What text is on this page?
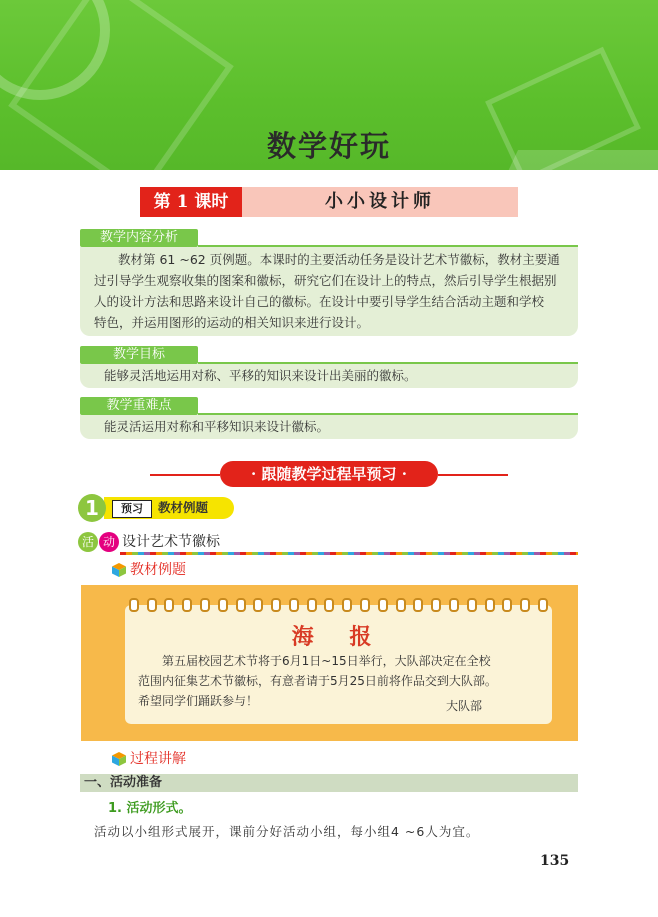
数学好玩
第 1 课时	小小设计师
教学内容分析

教材第 61 ~62 页例题。本课时的主要活动任务是设计艺术节徽标，教材主要通

过引导学生观察收集的图案和徽标，研究它们在设计上的特点，然后引导学生根据别

人的设计方法和思路来设计自己的徽标。在设计中要引导学生结合活动主题和学校

特色，并运用图形的运动的相关知识来进行设计。

教学目标

能够灵活地运用对称、平移的知识来设计出美丽的徽标。

教学重难点

能灵活运用对称和平移知识来设计徽标。

· 跟随教学过程早预习 ·
1	预习	教材例题
活 动 设计艺术节徽标
教材例题
海 报
第五届校园艺术节将于6月1日~15日举行，大队部决定在全校
范围内征集艺术节徽标，有意者请于5月25日前将作品交到大队部。
希望同学们踊跃参与！	大队部
过程讲解
一、活动准备
1. 活动形式。
活动以小组形式展开，课前分好活动小组，每小组4 ~6人为宜。
135
